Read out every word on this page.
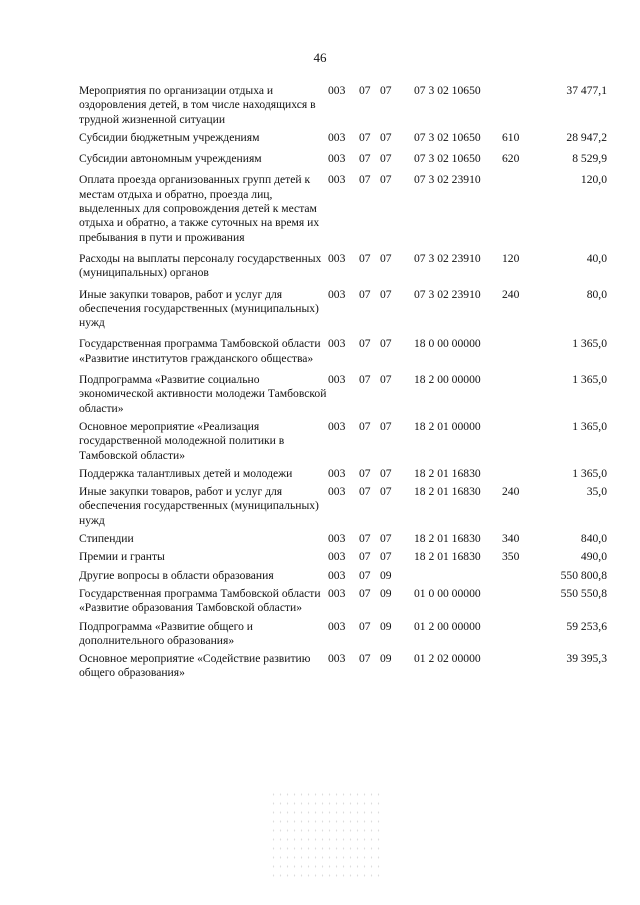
46
Мероприятия по организации отдыха и оздоровления детей, в том числе находящихся в трудной жизненной ситуации	003	07	07	07 3 02 10650		37 477,1
Субсидии бюджетным учреждениям	003	07	07	07 3 02 10650	610	28 947,2
Субсидии автономным учреждениям	003	07	07	07 3 02 10650	620	8 529,9
Оплата проезда организованных групп детей к местам отдыха и обратно, проезда лиц, выделенных для сопровождения детей к местам отдыха и обратно, а также суточных на время их пребывания в пути и проживания	003	07	07	07 3 02 23910		120,0
Расходы на выплаты персоналу государственных (муниципальных) органов	003	07	07	07 3 02 23910	120	40,0
Иные закупки товаров, работ и услуг для обеспечения государственных (муниципальных) нужд	003	07	07	07 3 02 23910	240	80,0
Государственная программа Тамбовской области «Развитие институтов гражданского общества»	003	07	07	18 0 00 00000		1 365,0
Подпрограмма «Развитие социально экономической активности молодежи Тамбовской области»	003	07	07	18 2 00 00000		1 365,0
Основное мероприятие «Реализация государственной молодежной политики в Тамбовской области»	003	07	07	18 2 01 00000		1 365,0
Поддержка талантливых детей и молодежи	003	07	07	18 2 01 16830		1 365,0
Иные закупки товаров, работ и услуг для обеспечения государственных (муниципальных) нужд	003	07	07	18 2 01 16830	240	35,0
Стипендии	003	07	07	18 2 01 16830	340	840,0
Премии и гранты	003	07	07	18 2 01 16830	350	490,0
Другие вопросы в области образования	003	07	09			550 800,8
Государственная программа Тамбовской области «Развитие образования Тамбовской области»	003	07	09	01 0 00 00000		550 550,8
Подпрограмма «Развитие общего и дополнительного образования»	003	07	09	01 2 00 00000		59 253,6
Основное мероприятие «Содействие развитию общего образования»	003	07	09	01 2 02 00000		39 395,3
